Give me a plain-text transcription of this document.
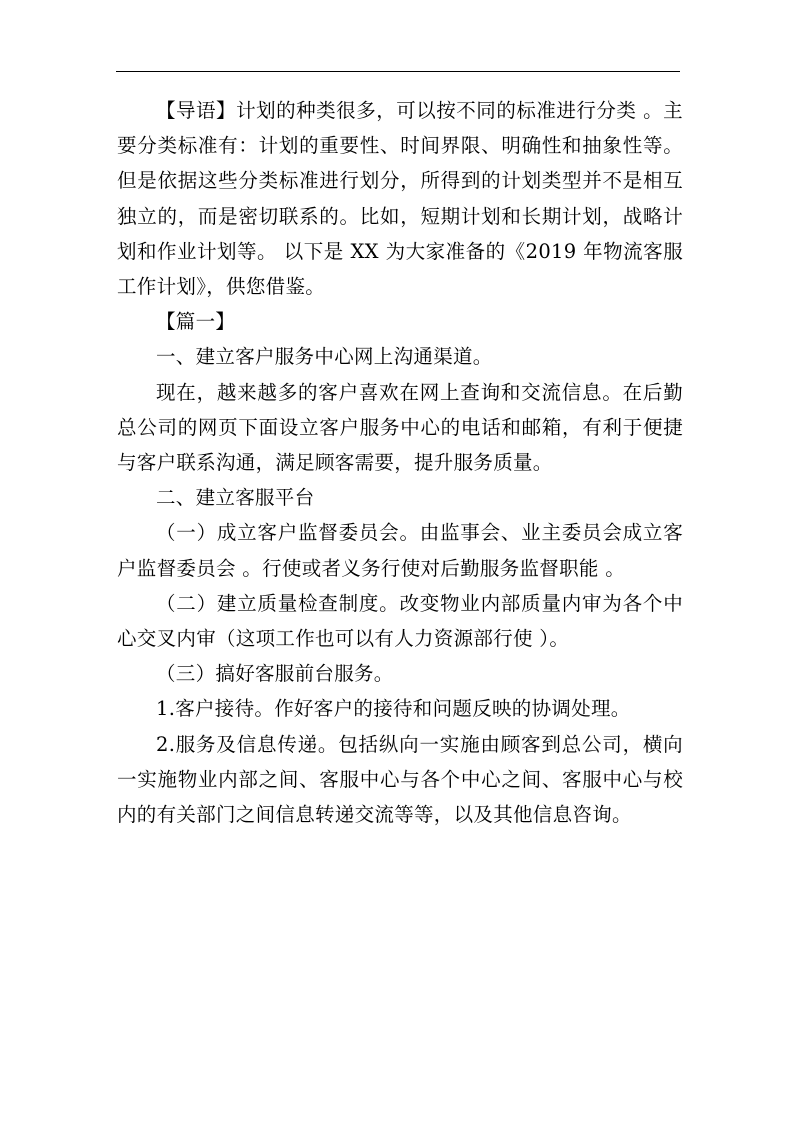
【导语】计划的种类很多，可以按不同的标准进行分类 。主要分类标准有：计划的重要性、时间界限、明确性和抽象性等。但是依据这些分类标准进行划分，所得到的计划类型并不是相互独立的，而是密切联系的。比如，短期计划和长期计划，战略计划和作业计划等。 以下是 XX 为大家准备的《2019 年物流客服工作计划》，供您借鉴。

【篇一】

一、建立客户服务中心网上沟通渠道。

现在，越来越多的客户喜欢在网上查询和交流信息。在后勤总公司的网页下面设立客户服务中心的电话和邮箱，有利于便捷与客户联系沟通，满足顾客需要，提升服务质量。

二、建立客服平台

（一）成立客户监督委员会。由监事会、业主委员会成立客户监督委员会 。行使或者义务行使对后勤服务监督职能 。

（二）建立质量检查制度。改变物业内部质量内审为各个中心交叉内审（这项工作也可以有人力资源部行使 ）。

（三）搞好客服前台服务。

1.客户接待。作好客户的接待和问题反映的协调处理。

2.服务及信息传递。包括纵向一实施由顾客到总公司，横向一实施物业内部之间、客服中心与各个中心之间、客服中心与校内的有关部门之间信息转递交流等等，以及其他信息咨询。
